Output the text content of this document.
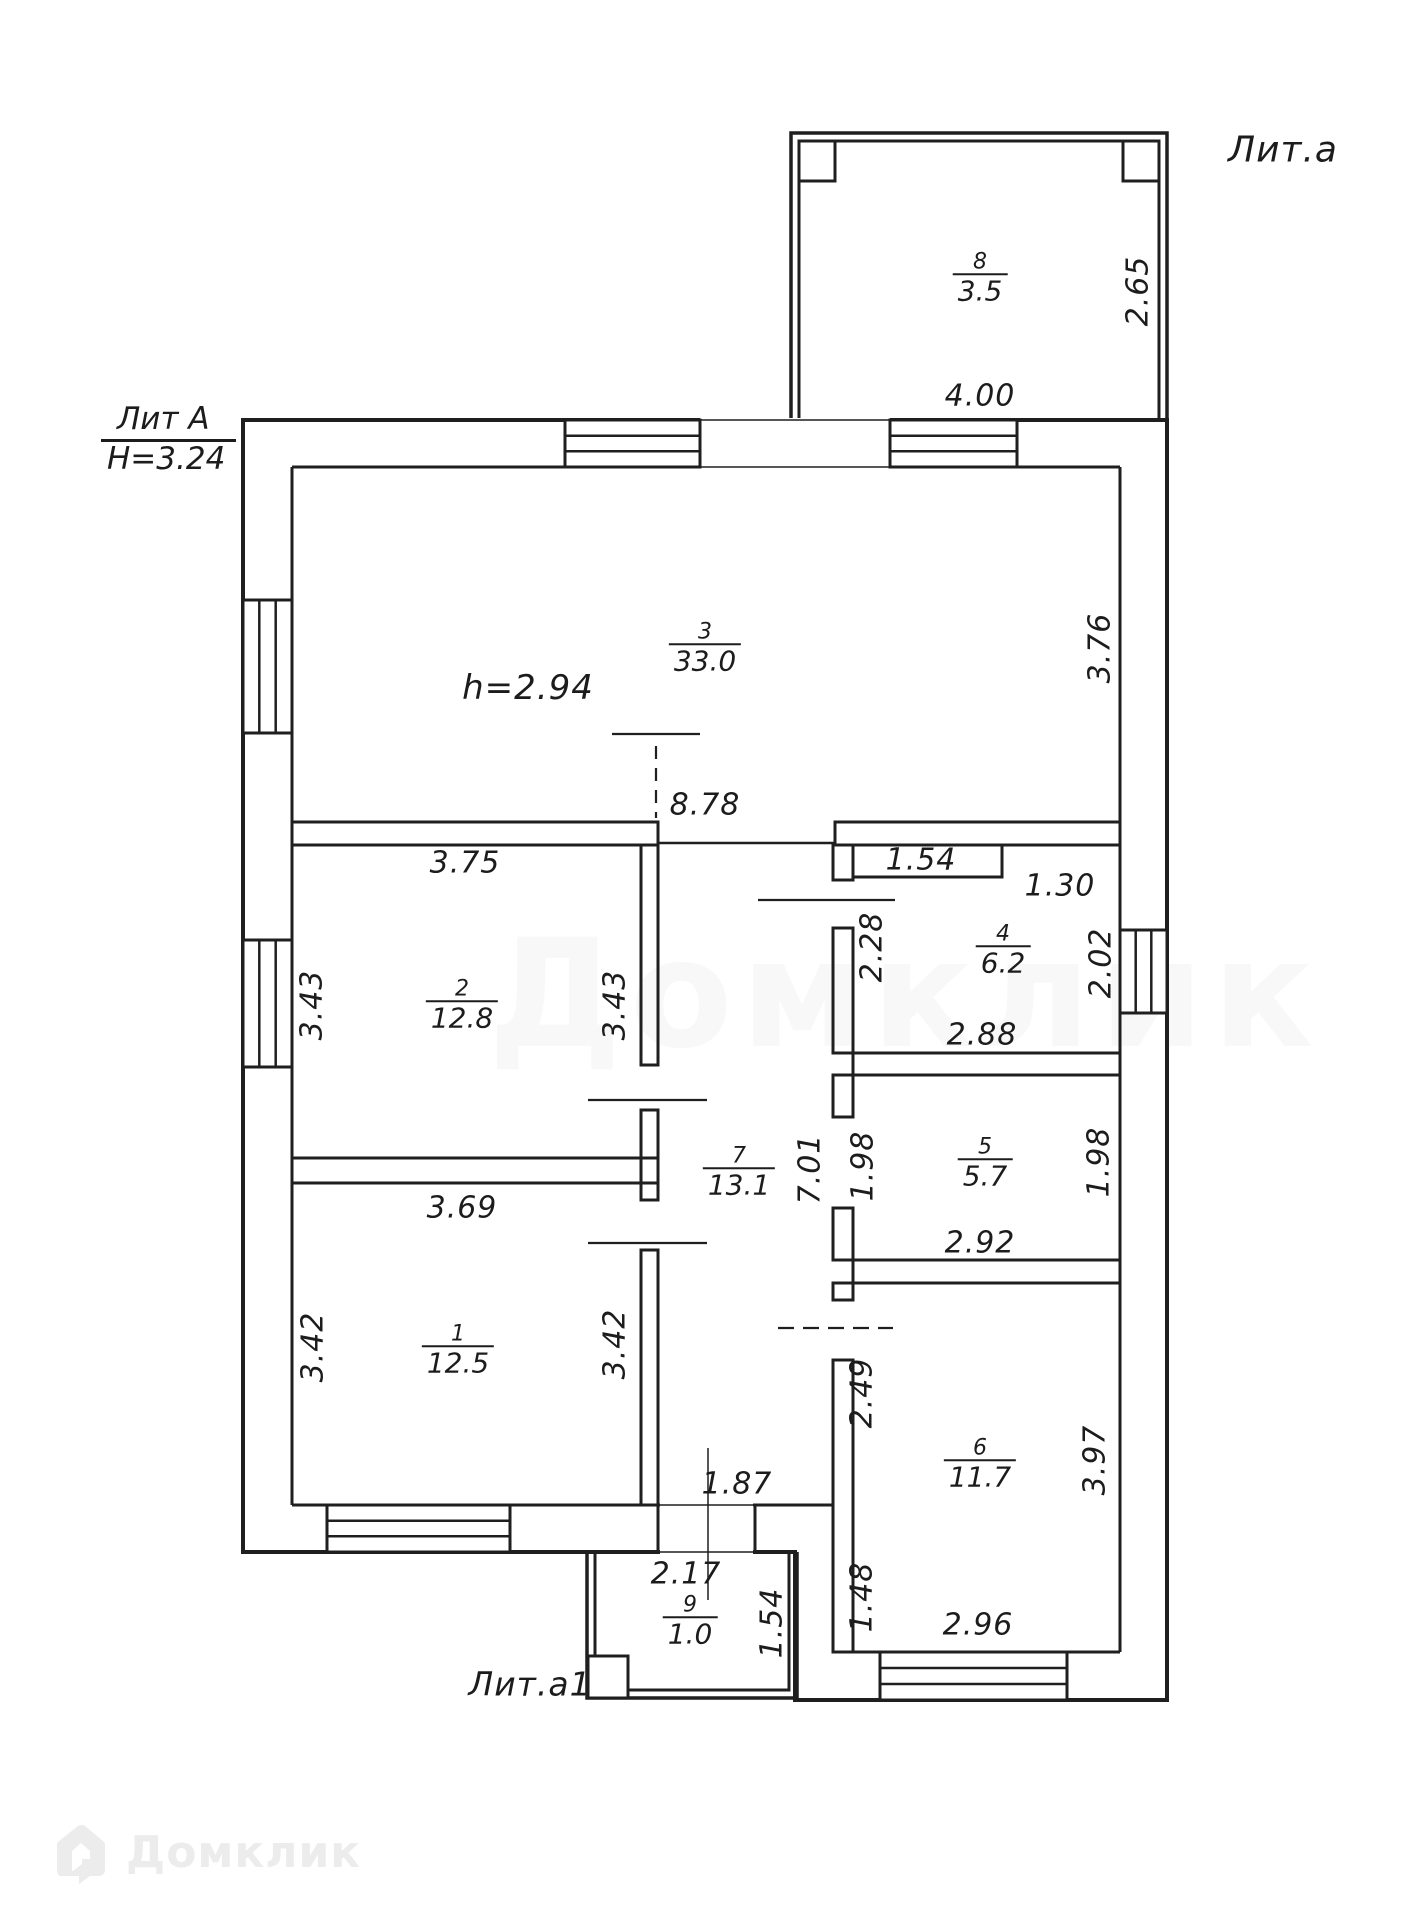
Лит.а
Лит А
Н=3.24
h=2.94
Лит.а1
1
12.5
2
12.8
3
33.0
4
6.2
5
5.7
6
11.7
7
13.1
8
3.5
9
1.0
4.00
8.78
3.75
3.69
1.54
1.30
2.88
2.92
2.96
1.87
2.17
2.65
3.76
3.43	3.43
3.42	3.42
2.28	2.02
1.98	1.98
2.49
3.97
1.48
7.01
1.54
Домклик
